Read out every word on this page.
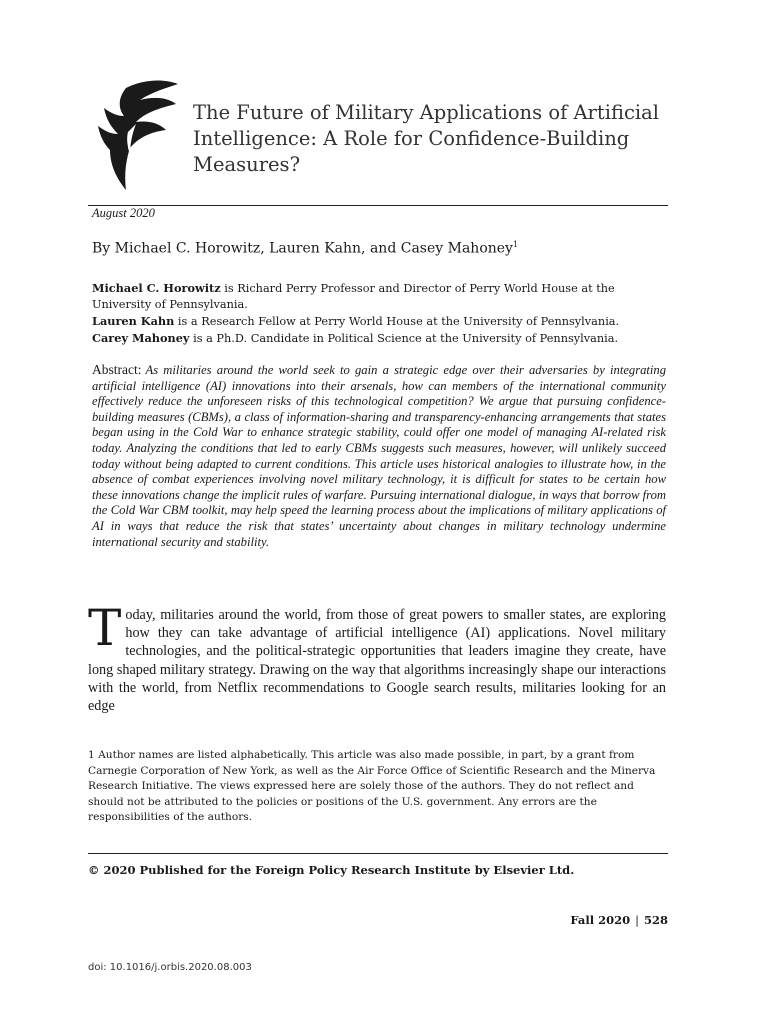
The Future of Military Applications of Artificial Intelligence: A Role for Confidence-Building Measures?
August 2020
By Michael C. Horowitz, Lauren Kahn, and Casey Mahoney$^1$

Michael C. Horowitz is Richard Perry Professor and Director of Perry World House at the University of Pennsylvania.

Lauren Kahn is a Research Fellow at Perry World House at the University of Pennsylvania.

Carey Mahoney is a Ph.D. Candidate in Political Science at the University of Pennsylvania.

Abstract: As militaries around the world seek to gain a strategic edge over their adversaries by integrating artificial intelligence (AI) innovations into their arsenals, how can members of the international community effectively reduce the unforeseen risks of this technological competition? We argue that pursuing confidence-building measures (CBMs), a class of information-sharing and transparency-enhancing arrangements that states began using in the Cold War to enhance strategic stability, could offer one model of managing AI-related risk today. Analyzing the conditions that led to early CBMs suggests such measures, however, will unlikely succeed today without being adapted to current conditions. This article uses historical analogies to illustrate how, in the absence of combat experiences involving novel military technology, it is difficult for states to be certain how these innovations change the implicit rules of warfare. Pursuing international dialogue, in ways that borrow from the Cold War CBM toolkit, may help speed the learning process about the implications of military applications of AI in ways that reduce the risk that states’ uncertainty about changes in military technology undermine international security and stability.

Today, militaries around the world, from those of great powers to smaller states, are exploring how they can take advantage of artificial intelligence (AI) applications. Novel military technologies, and the political-strategic opportunities that leaders imagine they create, have long shaped military strategy. Drawing on the way that algorithms increasingly shape our interactions with the world, from Netflix recommendations to Google search results, militaries looking for an edge

1 Author names are listed alphabetically. This article was also made possible, in part, by a grant from Carnegie Corporation of New York, as well as the Air Force Office of Scientific Research and the Minerva Research Initiative. The views expressed here are solely those of the authors. They do not reflect and should not be attributed to the policies or positions of the U.S. government. Any errors are the responsibilities of the authors.

© 2020 Published for the Foreign Policy Research Institute by Elsevier Ltd.
Fall 2020 | 528
doi: 10.1016/j.orbis.2020.08.003
